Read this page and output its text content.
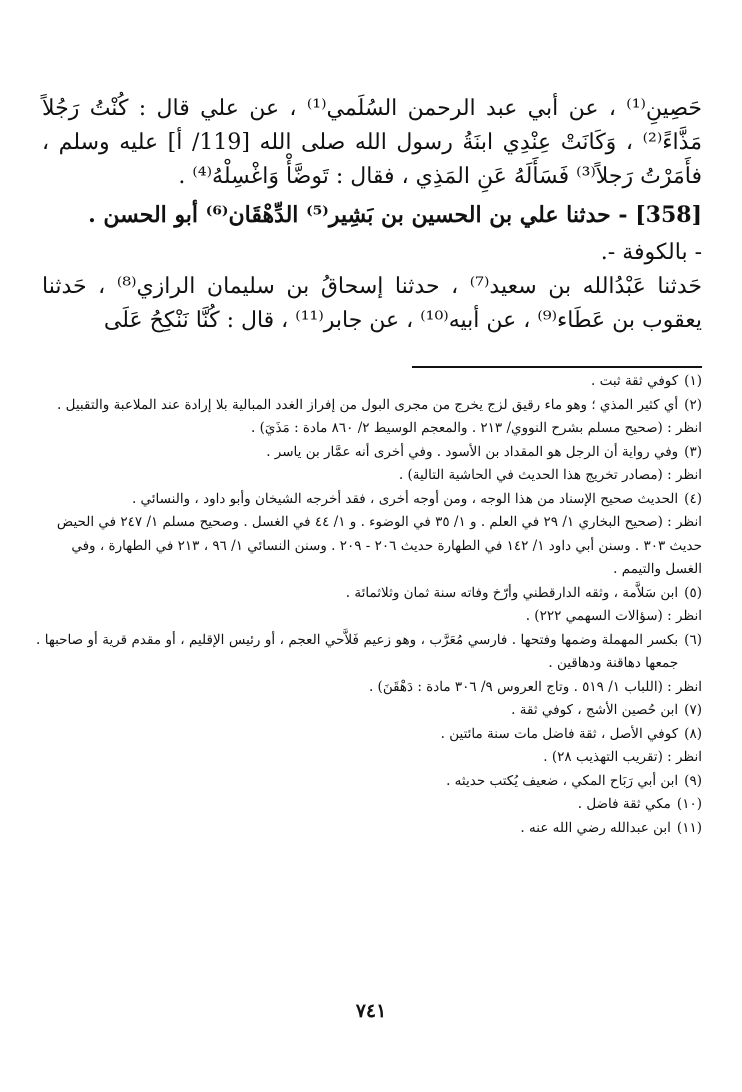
حَصِينِ⁽¹⁾ ، عن أبي عبد الرحمن السُلَمي⁽¹⁾ ، عن علي قال : كُنْتُ رَجُلاً مَذَّاءً⁽²⁾ ، وَكَانَتْ عِنْدِي ابنَةُ رسول الله صلى الله [119/ أ] عليه وسلم ، فأَمَرْتُ رَجلاً⁽³⁾ فَسَأَلَهُ عَنِ المَذِي ، فقال : تَوضَّأْ وَاغْسِلْهُ⁽⁴⁾ .

[358] - حدثنا علي بن الحسين بن بَشِير⁽⁵⁾ الدِّهْقَان⁽⁶⁾ أبو الحسن .

- بالكوفة -.

حَدثنا عَبْدُالله بن سعيد⁽⁷⁾ ، حدثنا إسحاقُ بن سليمان الرازي⁽⁸⁾ ، حَدثنا يعقوب بن عَطَاء⁽⁹⁾ ، عن أبيه⁽¹⁰⁾ ، عن جابر⁽¹¹⁾ ، قال : كُنَّا نَنْكِحُ عَلَى

(١)
كوفي ثقة ثبت .
(٢)
أي كثير المذي ؛ وهو ماء رقيق لزج يخرج من مجرى البول من إفراز الغدد المبالية بلا إرادة عند الملاعبة والتقبيل .
انظر : (صحيح مسلم بشرح النووي/ ٢١٣ . والمعجم الوسيط ٢/ ٨٦٠ مادة : مَذَيَ) .
(٣)
وفي رواية أن الرجل هو المقداد بن الأسود . وفي أخرى أنه عمَّار بن ياسر .
انظر : (مصادر تخريج هذا الحديث في الحاشية التالية) .
(٤)
الحديث صحيح الإسناد من هذا الوجه ، ومن أوجه أخرى ، فقد أخرجه الشيخان وأبو داود ، والنسائي .
انظر : (صحيح البخاري ١/ ٢٩ في العلم . و ١/ ٣٥ في الوضوء . و ١/ ٤٤ في الغسل . وصحيح مسلم ١/ ٢٤٧ في الحيض حديث ٣٠٣ . وسنن أبي داود ١/ ١٤٢ في الطهارة حديث ٢٠٦ - ٢٠٩ . وسنن النسائي ١/ ٩٦ ، ٢١٣ في الطهارة ، وفي الغسل والتيمم .
(٥)
ابن سَلاَّمة ، وثقه الدارقطني وأرّخ وفاته سنة ثمان وثلاثمائة .
انظر : (سؤالات السهمي ٢٢٢) .
(٦)
بكسر المهملة وضمها وفتحها . فارسي مُعَرَّب ، وهو زعيم فَلاَّحي العجم ، أو رئيس الإقليم ، أو مقدم قرية أو صاحبها . جمعها دهاقنة ودهاقين .
انظر : (اللباب ١/ ٥١٩ . وتاج العروس ٩/ ٣٠٦ مادة : دَهْقَنَ) .
(٧)
ابن حُصين الأشج ، كوفي ثقة .
(٨)
كوفي الأصل ، ثقة فاضل مات سنة مائتين .
انظر : (تقريب التهذيب ٢٨) .
(٩)
ابن أبي رَبَاح المكي ، ضعيف يُكتب حديثه .
(١٠)
مكي ثقة فاضل .
(١١)
ابن عبدالله رضي الله عنه .
٧٤١
